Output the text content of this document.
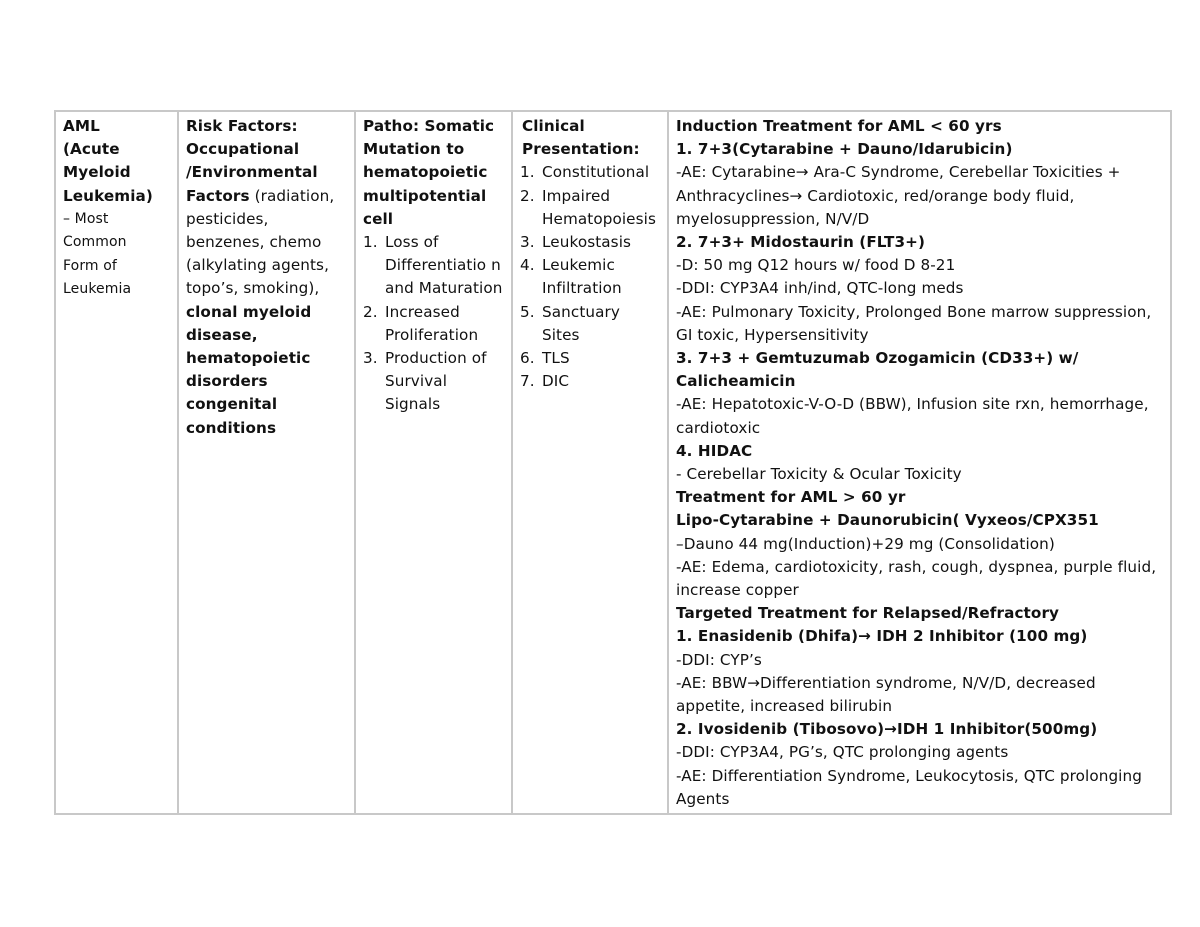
AML
(Acute
Myeloid
Leukemia)
– Most
Common
Form of
Leukemia

Risk Factors:
Occupational /Environmental Factors (radiation, pesticides, benzenes, chemo (alkylating agents, topo’s, smoking),
clonal myeloid disease,
hematopoietic disorders
congenital conditions

Patho: Somatic Mutation to hematopoietic multipotential cell
1. Loss of Differentiatio n and Maturation
2. Increased Proliferation
3. Production of Survival Signals

Clinical Presentation:
1. Constitutional
2. Impaired Hematopoiesis
3. Leukostasis
4. Leukemic Infiltration
5. Sanctuary Sites
6. TLS
7. DIC

Induction Treatment for AML < 60 yrs
1. 7+3(Cytarabine + Dauno/Idarubicin)
-AE: Cytarabine→ Ara-C Syndrome, Cerebellar Toxicities + Anthracyclines→ Cardiotoxic, red/orange body fluid, myelosuppression, N/V/D
2. 7+3+ Midostaurin (FLT3+)
-D: 50 mg Q12 hours w/ food D 8-21
-DDI: CYP3A4 inh/ind, QTC-long meds
-AE: Pulmonary Toxicity, Prolonged Bone marrow suppression, GI toxic, Hypersensitivity
3. 7+3 + Gemtuzumab Ozogamicin (CD33+) w/ Calicheamicin
-AE: Hepatotoxic-V-O-D (BBW), Infusion site rxn, hemorrhage, cardiotoxic
4. HIDAC
- Cerebellar Toxicity & Ocular Toxicity
Treatment for AML > 60 yr
Lipo-Cytarabine + Daunorubicin( Vyxeos/CPX351
–Dauno 44 mg(Induction)+29 mg (Consolidation)
-AE: Edema, cardiotoxicity, rash, cough, dyspnea, purple fluid, increase copper
Targeted Treatment for Relapsed/Refractory
1. Enasidenib (Dhifa)→ IDH 2 Inhibitor (100 mg)
-DDI: CYP’s
-AE: BBW→Differentiation syndrome, N/V/D, decreased appetite, increased bilirubin
2. Ivosidenib (Tibosovo)→IDH 1 Inhibitor(500mg)
-DDI: CYP3A4, PG’s, QTC prolonging agents
-AE: Differentiation Syndrome, Leukocytosis, QTC prolonging Agents
